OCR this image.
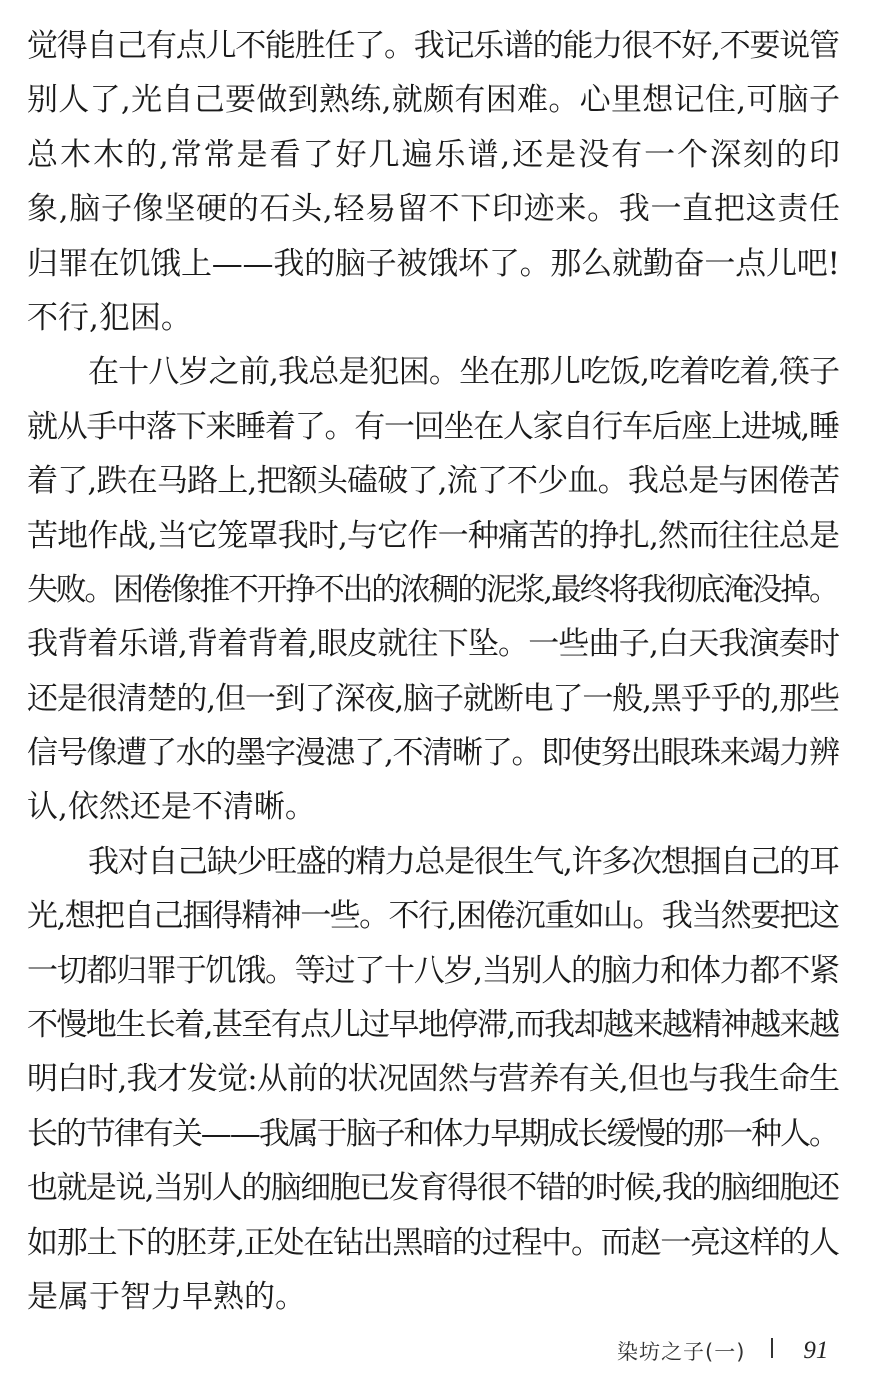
觉得自己有点儿不能胜任了。我记乐谱的能力很不好,不要说管
别人了,光自己要做到熟练,就颇有困难。心里想记住,可脑子
总木木的,常常是看了好几遍乐谱,还是没有一个深刻的印
象,脑子像坚硬的石头,轻易留不下印迹来。我一直把这责任
归罪在饥饿上——我的脑子被饿坏了。那么就勤奋一点儿吧!
不行,犯困。
在十八岁之前,我总是犯困。坐在那儿吃饭,吃着吃着,筷子
就从手中落下来睡着了。有一回坐在人家自行车后座上进城,睡
着了,跌在马路上,把额头磕破了,流了不少血。我总是与困倦苦
苦地作战,当它笼罩我时,与它作一种痛苦的挣扎,然而往往总是
失败。困倦像推不开挣不出的浓稠的泥浆,最终将我彻底淹没掉。
我背着乐谱,背着背着,眼皮就往下坠。一些曲子,白天我演奏时
还是很清楚的,但一到了深夜,脑子就断电了一般,黑乎乎的,那些
信号像遭了水的墨字漫漶了,不清晰了。即使努出眼珠来竭力辨
认,依然还是不清晰。
我对自己缺少旺盛的精力总是很生气,许多次想掴自己的耳
光,想把自己掴得精神一些。不行,困倦沉重如山。我当然要把这
一切都归罪于饥饿。等过了十八岁,当别人的脑力和体力都不紧
不慢地生长着,甚至有点儿过早地停滞,而我却越来越精神越来越
明白时,我才发觉:从前的状况固然与营养有关,但也与我生命生
长的节律有关——我属于脑子和体力早期成长缓慢的那一种人。
也就是说,当别人的脑细胞已发育得很不错的时候,我的脑细胞还
如那土下的胚芽,正处在钻出黑暗的过程中。而赵一亮这样的人
是属于智力早熟的。
染坊之子(一) 91
